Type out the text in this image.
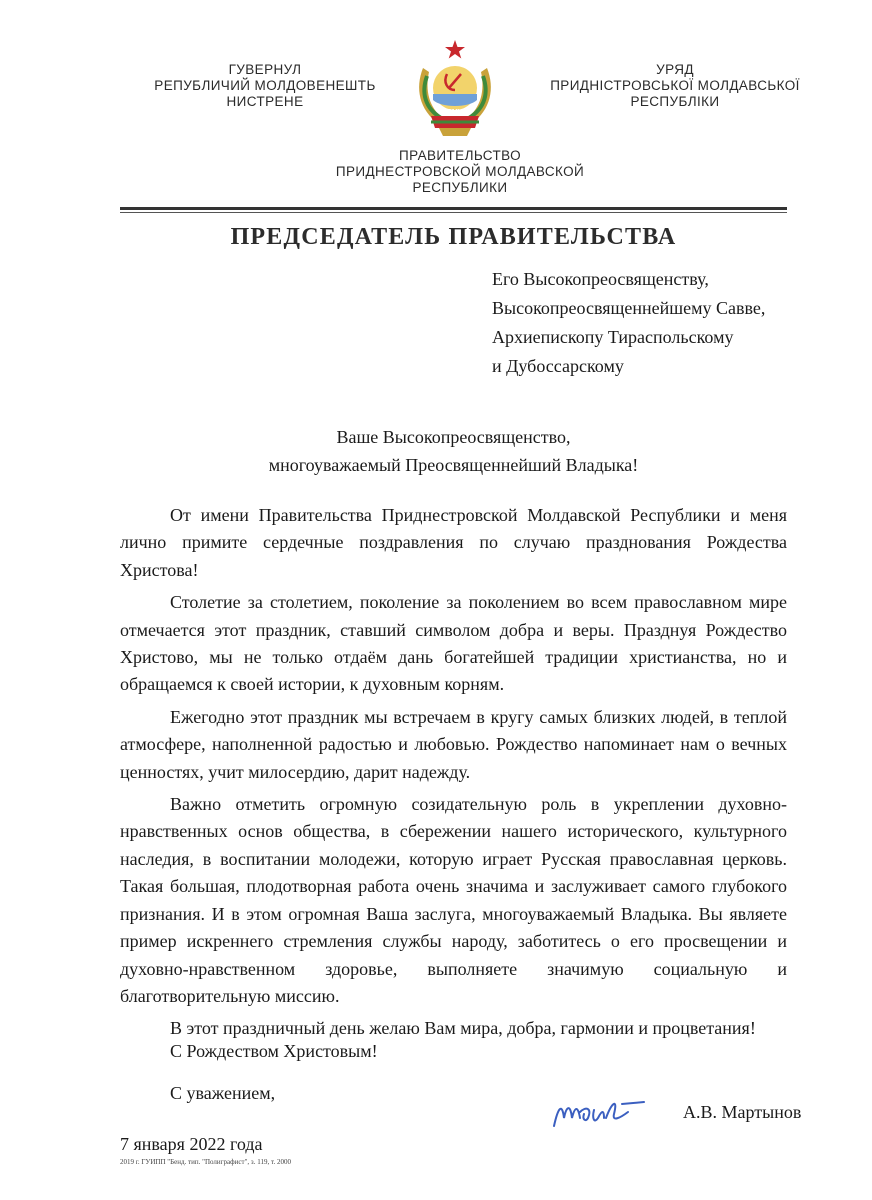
ГУВЕРНУЛ
РЕПУБЛИЧИЙ МОЛДОВЕНЕШТЬ
НИСТРЕНЕ
РМН
УРЯД
ПРИДНІСТРОВСЬКОЇ МОЛДАВСЬКОЇ
РЕСПУБЛІКИ
ПРАВИТЕЛЬСТВО
ПРИДНЕСТРОВСКОЙ МОЛДАВСКОЙ
РЕСПУБЛИКИ
ПРЕДСЕДАТЕЛЬ ПРАВИТЕЛЬСТВА
Его Высокопреосвященству,
Высокопреосвященнейшему Савве,
Архиепископу Тираспольскому
и Дубоссарскому
Ваше Высокопреосвященство,
многоуважаемый Преосвященнейший Владыка!

От имени Правительства Приднестровской Молдавской Республики и меня лично примите сердечные поздравления по случаю празднования Рождества Христова!

Столетие за столетием, поколение за поколением во всем православном мире отмечается этот праздник, ставший символом добра и веры. Празднуя Рождество Христово, мы не только отдаём дань богатейшей традиции христианства, но и обращаемся к своей истории, к духовным корням.

Ежегодно этот праздник мы встречаем в кругу самых близких людей, в теплой атмосфере, наполненной радостью и любовью. Рождество напоминает нам о вечных ценностях, учит милосердию, дарит надежду.

Важно отметить огромную созидательную роль в укреплении духовно-нравственных основ общества, в сбережении нашего исторического, культурного наследия, в воспитании молодежи, которую играет Русская православная церковь. Такая большая, плодотворная работа очень значима и заслуживает самого глубокого признания. И в этом огромная Ваша заслуга, многоуважаемый Владыка. Вы являете пример искреннего стремления службы народу, заботитесь о его просвещении и духовно-нравственном здоровье, выполняете значимую социальную и благотворительную миссию.

В этот праздничный день желаю Вам мира, добра, гармонии и процветания!

С Рождеством Христовым!
С уважением,
А.В. Мартынов
7 января 2022 года
2019 г. ГУИПП "Бенд. тип. "Полиграфист", з. 119, т. 2000
